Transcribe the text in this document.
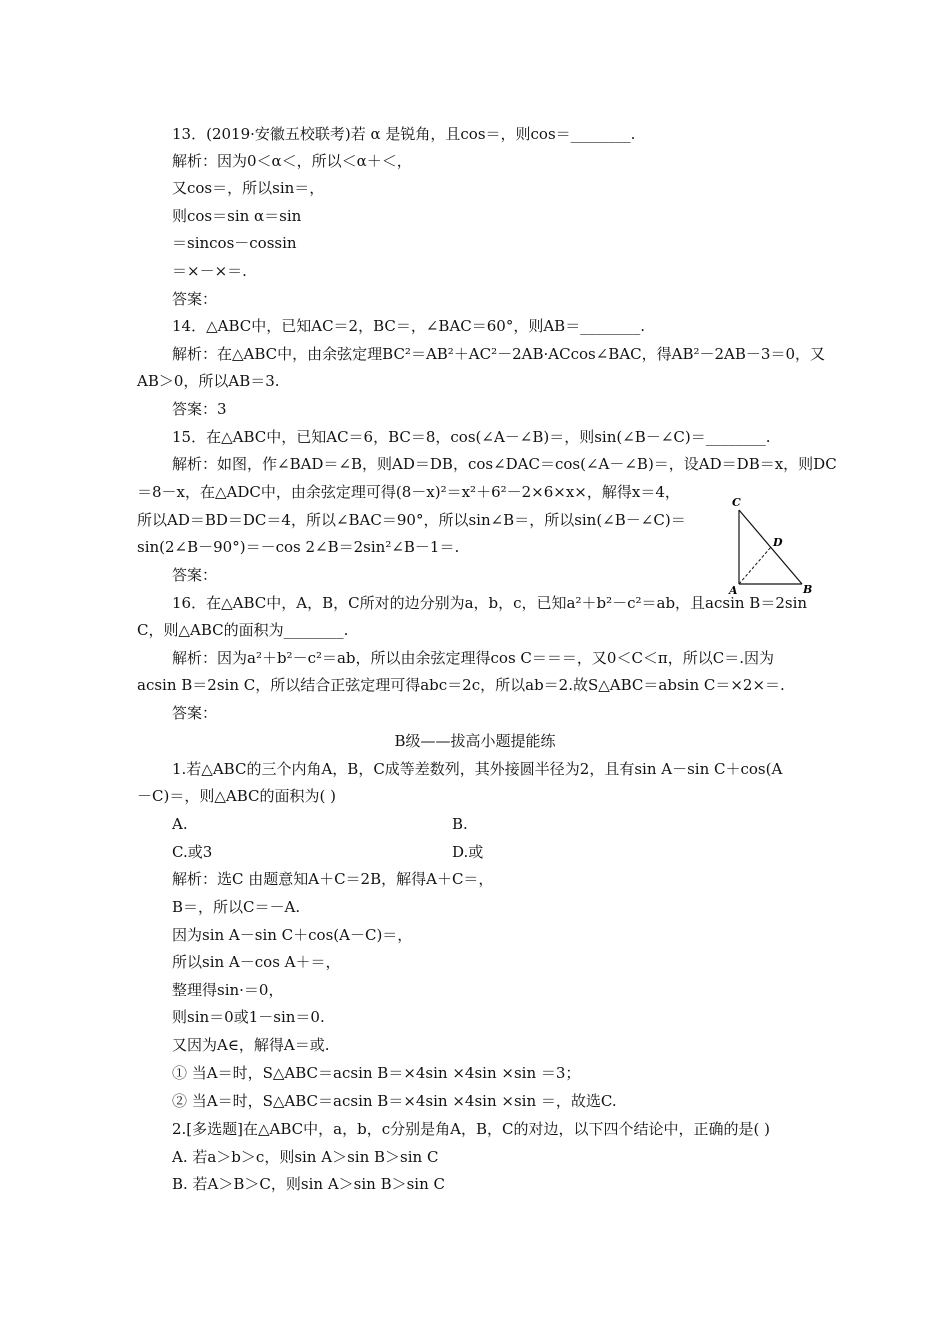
13．(2019·安徽五校联考)若 α 是锐角，且cos＝，则cos＝________.
解析：因为0＜α＜，所以＜α＋＜，
又cos＝，所以sin＝，
则cos＝sin α＝sin
＝sincos－cossin
＝×－×＝.
答案：
14．△ABC中，已知AC＝2，BC＝，∠BAC＝60°，则AB＝________.
解析：在△ABC中，由余弦定理BC²＝AB²＋AC²－2AB·ACcos∠BAC，得AB²－2AB－3＝0，又
AB＞0，所以AB＝3.
答案：3
15．在△ABC中，已知AC＝6，BC＝8，cos(∠A－∠B)＝，则sin(∠B－∠C)＝________.
解析：如图，作∠BAD＝∠B，则AD＝DB，cos∠DAC＝cos(∠A－∠B)＝，设AD＝DB＝x，则DC
＝8－x，在△ADC中，由余弦定理可得(8－x)²＝x²＋6²－2×6×x×，解得x＝4，
所以AD＝BD＝DC＝4，所以∠BAC＝90°，所以sin∠B＝，所以sin(∠B－∠C)＝
sin(2∠B－90°)＝－cos 2∠B＝2sin²∠B－1＝.
答案：
16．在△ABC中，A，B，C所对的边分别为a，b，c，已知a²＋b²－c²＝ab，且acsin B＝2sin
C，则△ABC的面积为________.
解析：因为a²＋b²－c²＝ab，所以由余弦定理得cos C＝＝＝，又0＜C＜π，所以C＝.因为
acsin B＝2sin C，所以结合正弦定理可得abc＝2c，所以ab＝2.故S△ABC＝absin C＝×2×＝.
答案：
B级——拔高小题提能练
1.若△ABC的三个内角A，B，C成等差数列，其外接圆半径为2，且有sin A－sin C＋cos(A
－C)＝，则△ABC的面积为( )
A.	B.
C.或3	D.或
解析：选C 由题意知A＋C＝2B，解得A＋C＝，
B＝，所以C＝－A.
因为sin A－sin C＋cos(A－C)＝，
所以sin A－cos A＋＝，
整理得sin·＝0，
则sin＝0或1－sin＝0.
又因为A∈，解得A＝或.
① 当A＝时，S△ABC＝acsin B＝×4sin ×4sin ×sin ＝3；
② 当A＝时，S△ABC＝acsin B＝×4sin ×4sin ×sin ＝，故选C.
2.[多选题]在△ABC中，a，b，c分别是角A，B，C的对边，以下四个结论中，正确的是( )
A. 若a＞b＞c，则sin A＞sin B＞sin C
B. 若A＞B＞C，则sin A＞sin B＞sin C
C
D
A	B
